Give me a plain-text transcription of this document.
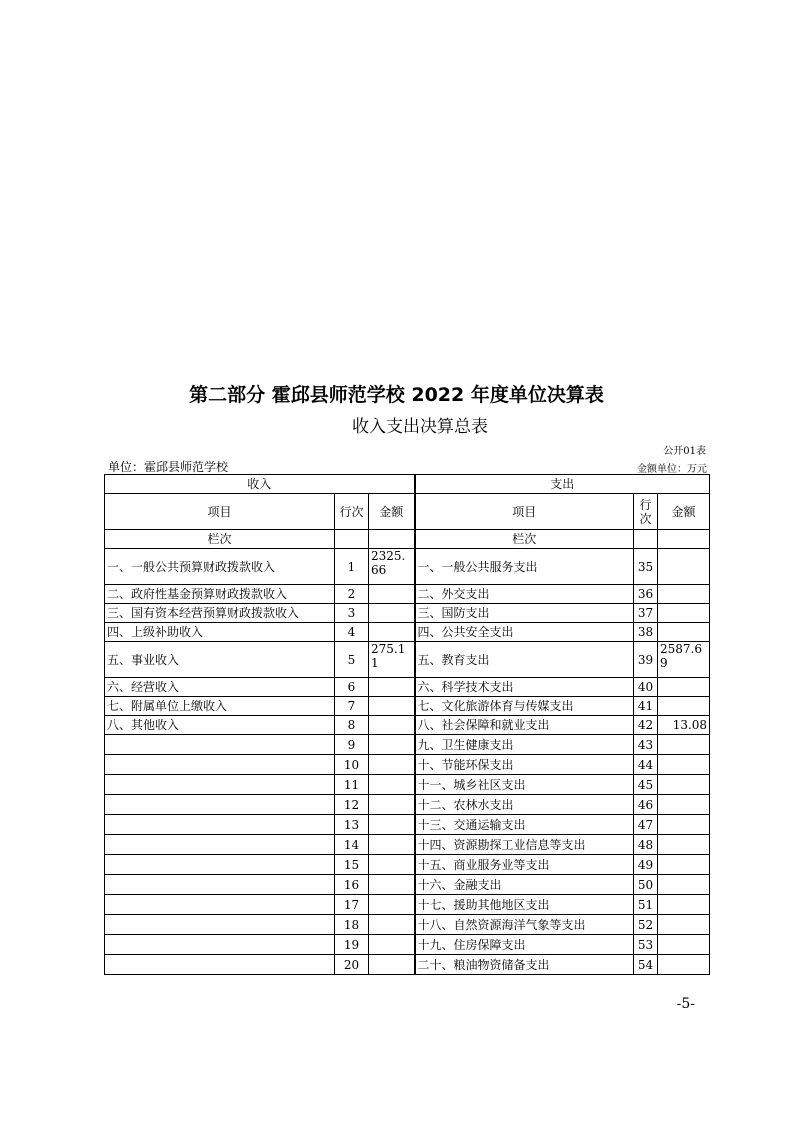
第二部分 霍邱县师范学校 2022 年度单位决算表
收入支出决算总表
公开01表
单位：霍邱县师范学校	金额单位：万元
收入			支出		
项目	行次	金额	项目	行次	金额
栏次			栏次		
一、一般公共预算财政拨款收入	1	2325.66	一、一般公共服务支出	35	
二、政府性基金预算财政拨款收入	2		二、外交支出	36	
三、国有资本经营预算财政拨款收入	3		三、国防支出	37	
四、上级补助收入	4		四、公共安全支出	38	
五、事业收入	5	275.11	五、教育支出	39	2587.69
六、经营收入	6		六、科学技术支出	40	
七、附属单位上缴收入	7		七、文化旅游体育与传媒支出	41	
八、其他收入	8		八、社会保障和就业支出	42	13.08
	9		九、卫生健康支出	43	
	10		十、节能环保支出	44	
	11		十一、城乡社区支出	45	
	12		十二、农林水支出	46	
	13		十三、交通运输支出	47	
	14		十四、资源勘探工业信息等支出	48	
	15		十五、商业服务业等支出	49	
	16		十六、金融支出	50	
	17		十七、援助其他地区支出	51	
	18		十八、自然资源海洋气象等支出	52	
	19		十九、住房保障支出	53	
	20		二十、粮油物资储备支出	54	
-5-
